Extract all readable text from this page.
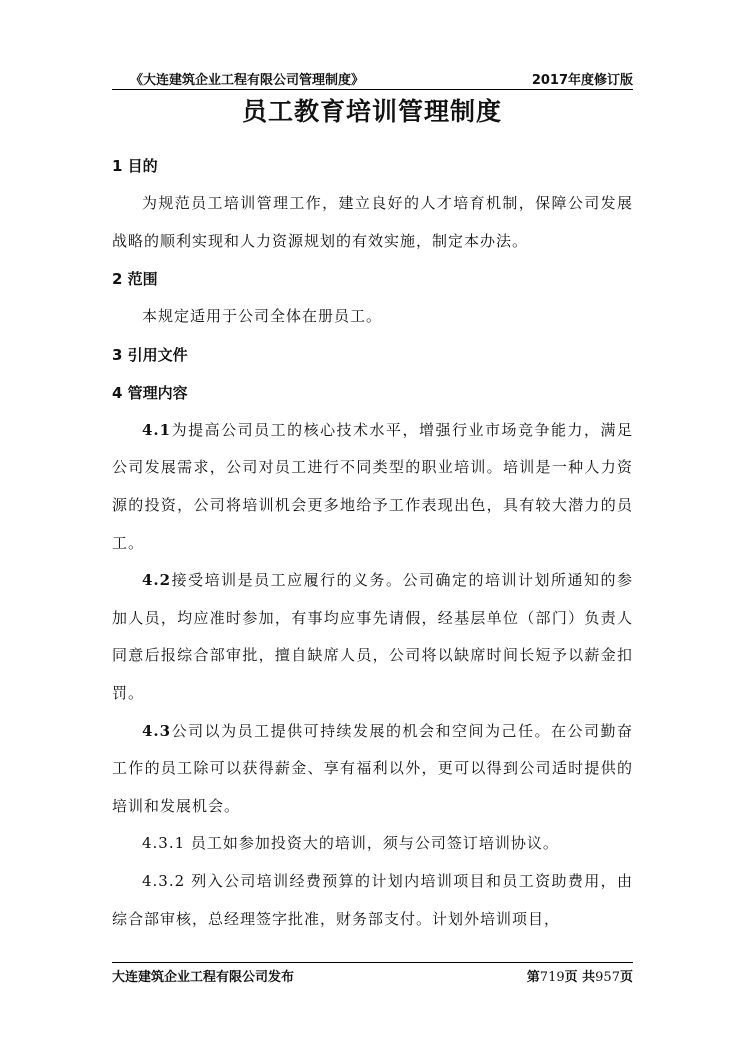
《大连建筑企业工程有限公司管理制度》	2017年度修订版
员工教育培训管理制度
1 目的

为规范员工培训管理工作，建立良好的人才培育机制，保障公司发展战略的顺利实现和人力资源规划的有效实施，制定本办法。

2 范围

本规定适用于公司全体在册员工。

3 引用文件
4 管理内容

4.1为提高公司员工的核心技术水平，增强行业市场竞争能力，满足公司发展需求，公司对员工进行不同类型的职业培训。培训是一种人力资源的投资，公司将培训机会更多地给予工作表现出色，具有较大潜力的员工。

4.2接受培训是员工应履行的义务。公司确定的培训计划所通知的参加人员，均应准时参加，有事均应事先请假，经基层单位（部门）负责人同意后报综合部审批，擅自缺席人员，公司将以缺席时间长短予以薪金扣罚。

4.3公司以为员工提供可持续发展的机会和空间为己任。在公司勤奋工作的员工除可以获得薪金、享有福利以外，更可以得到公司适时提供的培训和发展机会。

4.3.1 员工如参加投资大的培训，须与公司签订培训协议。

4.3.2 列入公司培训经费预算的计划内培训项目和员工资助费用，由综合部审核，总经理签字批准，财务部支付。计划外培训项目，

大连建筑企业工程有限公司发布	第719页 共957页
